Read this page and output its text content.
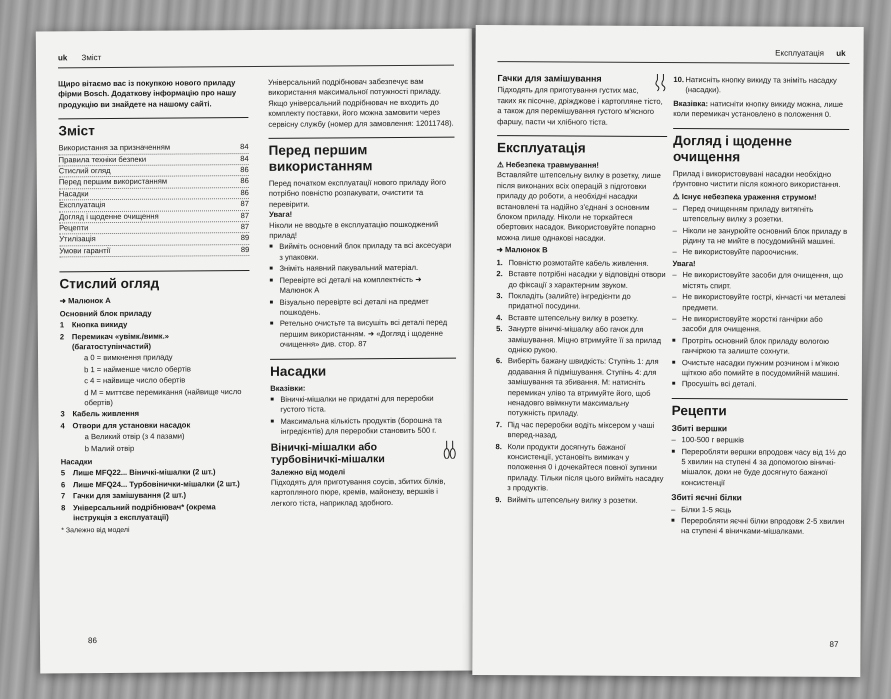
uk Зміст

Щиро вітаємо вас із покупкою нового приладу фірми Bosch. Додаткову інформацію про нашу продукцію ви знайдете на нашому сайті.

Зміст
Використання за призначенням	84
Правила техніки безпеки	84
Стислий огляд	86
Перед першим використанням	86
Насадки	86
Експлуатація	87
Догляд і щоденне очищення	87
Рецепти	87
Утилізація	89
Умови гарантії	89
Стислий огляд

➜ Малюнок A

Основний блок приладу

1	Кнопка викиду
2	Перемикач «увімк./вимк.» (багатоступінчастий)
a 0 = вимкнення приладу
b 1 = найменше число обертів
c 4 = найвище число обертів
d M = миттєве перемикання (найвище число обертів)
3	Кабель живлення
4	Отвори для установки насадок
a Великий отвір (з 4 пазами)
b Малий отвір

Насадки

5	Лише MFQ22... Віничкі-мішалки (2 шт.)
6	Лише MFQ24... Турбовінички-мішалки (2 шт.)
7	Гачки для замішування (2 шт.)
8	Універсальний подрібнювач* (окрема інструкція з експлуатації)

* Залежно від моделі

Універсальний подрібнювач забезпечує вам використання максимальної потужності приладу. Якщо універсальний подрібнювач не входить до комплекту поставки, його можна замовити через сервісну службу (номер для замовлення: 12011748).

Перед першим використанням

Перед початком експлуатації нового приладу його потрібно повністю розпакувати, очистити та перевірити.

Увага!

Ніколи не вводьте в експлуатацію пошкоджений прилад!

■ Вийміть основний блок приладу та всі аксесуари з упаковки.
■ Зніміть наявний пакувальний матеріал.
■ Перевірте всі деталі на комплектність ➜ Малюнок A
■ Візуально перевірте всі деталі на предмет пошкодень.
■ Ретельно очистьте та висушіть всі деталі перед першим використанням. ➜ «Догляд і щоденне очищення» див. стор. 87
Насадки

Вказівки:

■ Віничкі-мішалки не придатні для переробки густого тіста.
■ Максимальна кількість продуктів (борошна та інгредієнтів) для переробки становить 500 г.
Віничкі-мішалки або турбовіничкі-мішалки

Залежно від моделі

Підходять для приготування соусів, збитих білків, картопляного пюре, кремів, майонезу, вершків і легкого тіста, наприклад здобного.

86
Експлуатація uk
Гачки для замішування

Підходять для приготування густих мас, таких як пісочне, дріжджове і картопляне тісто, а також для перемішування густого м'ясного фаршу, пасти чи хлібного тіста.

Експлуатація

⚠ Небезпека травмування!

Вставляйте штепсельну вилку в розетку, лише після виконаних всіх операцій з підготовки приладу до роботи, а необхідні насадки встановлені та надійно з'єднані з основним блоком приладу. Ніколи не торкайтеся обертових насадок. Використовуйте попарно можна лише однакові насадки.

➜ Малюнок B

1. Повністю розмотайте кабель живлення.
2. Вставте потрібні насадки у відповідні отвори до фіксації з характерним звуком.
3. Покладіть (залийте) інгредієнти до придатної посудини.
4. Вставте штепсельну вилку в розетку.
5. Занурте віничкі-мішалку або гачок для замішування. Міцно втримуйте її за прилад однією рукою.
6. Виберіть бажану швидкість: Ступінь 1: для додавання й підмішування. Ступінь 4: для замішування та збивання. M: натисніть перемикач уліво та втримуйте його, щоб ненадовго ввімкнути максимальну потужність приладу.
7. Під час переробки водіть міксером у чаші вперед-назад.
8. Коли продукти досягнуть бажаної консистенції, установіть вимикач у положення 0 і дочекайтеся повної зупинки приладу. Тільки після цього вийміть насадку з продуктів.
9. Вийміть штепсельну вилку з розетки.
10. Натисніть кнопку викиду та зніміть насадку (насадки).

Вказівка: натисніти кнопку викиду можна, лише коли перемикач установлено в положення 0.

Догляд і щоденне очищення

Прилад і використовувані насадки необхідно ґрунтовно чистити після кожного використання.

⚠ Існує небезпека ураження струмом!

– Перед очищенням приладу витягніть штепсельну вилку з розетки.
– Ніколи не занурюйте основний блок приладу в рідину та не мийте в посудомийній машині.
– Не використовуйте пароочисник.

Увага!

– Не використовуйте засоби для очищення, що містять спирт.
– Не використовуйте гострі, кінчасті чи металеві предмети.
– Не використовуйте жорсткі ганчірки або засоби для очищення.
■ Протріть основний блок приладу вологою ганчіркою та залиште сохнути.
■ Очистьте насадки пужним розчином і м'якою щіткою або помийте в посудомийній машині.
■ Просушіть всі деталі.
Рецепти
Збиті вершки
– 100-500 г вершків
■ Переробляти вершки впродовж часу від 1½ до 5 хвилин на ступені 4 за допомогою віничкі-мішалок, доки не буде досягнуто бажаної консистенції
Збиті яєчні білки
– Білки 1-5 яєць
■ Переробляти яєчні білки впродовж 2-5 хвилин на ступені 4 віничками-мішалками.
87
